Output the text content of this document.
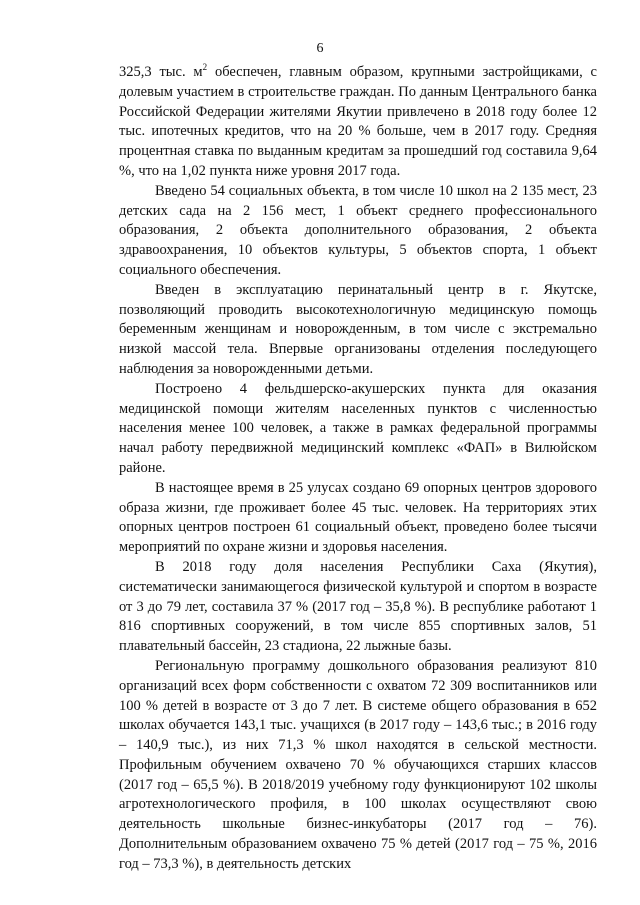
6

325,3 тыс. $м^2$ обеспечен, главным образом, крупными застройщиками, с долевым участием в строительстве граждан. По данным Центрального банка Российской Федерации жителями Якутии привлечено в 2018 году более 12 тыс. ипотечных кредитов, что на 20 % больше, чем в 2017 году. Средняя процентная ставка по выданным кредитам за прошедший год составила 9,64 %, что на 1,02 пункта ниже уровня 2017 года.

Введено 54 социальных объекта, в том числе 10 школ на 2 135 мест, 23 детских сада на 2 156 мест, 1 объект среднего профессионального образования, 2 объекта дополнительного образования, 2 объекта здравоохранения, 10 объектов культуры, 5 объектов спорта, 1 объект социального обеспечения.

Введен в эксплуатацию перинатальный центр в г. Якутске, позволяющий проводить высокотехнологичную медицинскую помощь беременным женщинам и новорожденным, в том числе с экстремально низкой массой тела. Впервые организованы отделения последующего наблюдения за новорожденными детьми.

Построено 4 фельдшерско-акушерских пункта для оказания медицинской помощи жителям населенных пунктов с численностью населения менее 100 человек, а также в рамках федеральной программы начал работу передвижной медицинский комплекс «ФАП» в Вилюйском районе.

В настоящее время в 25 улусах создано 69 опорных центров здорового образа жизни, где проживает более 45 тыс. человек. На территориях этих опорных центров построен 61 социальный объект, проведено более тысячи мероприятий по охране жизни и здоровья населения.

В 2018 году доля населения Республики Саха (Якутия), систематически занимающегося физической культурой и спортом в возрасте от 3 до 79 лет, составила 37 % (2017 год – 35,8 %). В республике работают 1 816 спортивных сооружений, в том числе 855 спортивных залов, 51 плавательный бассейн, 23 стадиона, 22 лыжные базы.

Региональную программу дошкольного образования реализуют 810 организаций всех форм собственности с охватом 72 309 воспитанников или 100 % детей в возрасте от 3 до 7 лет. В системе общего образования в 652 школах обучается 143,1 тыс. учащихся (в 2017 году – 143,6 тыс.; в 2016 году – 140,9 тыс.), из них 71,3 % школ находятся в сельской местности. Профильным обучением охвачено 70 % обучающихся старших классов (2017 год – 65,5 %). В 2018/2019 учебному году функционируют 102 школы агротехнологического профиля, в 100 школах осуществляют свою деятельность школьные бизнес-инкубаторы (2017 год – 76). Дополнительным образованием охвачено 75 % детей (2017 год – 75 %, 2016 год – 73,3 %), в деятельность детских
